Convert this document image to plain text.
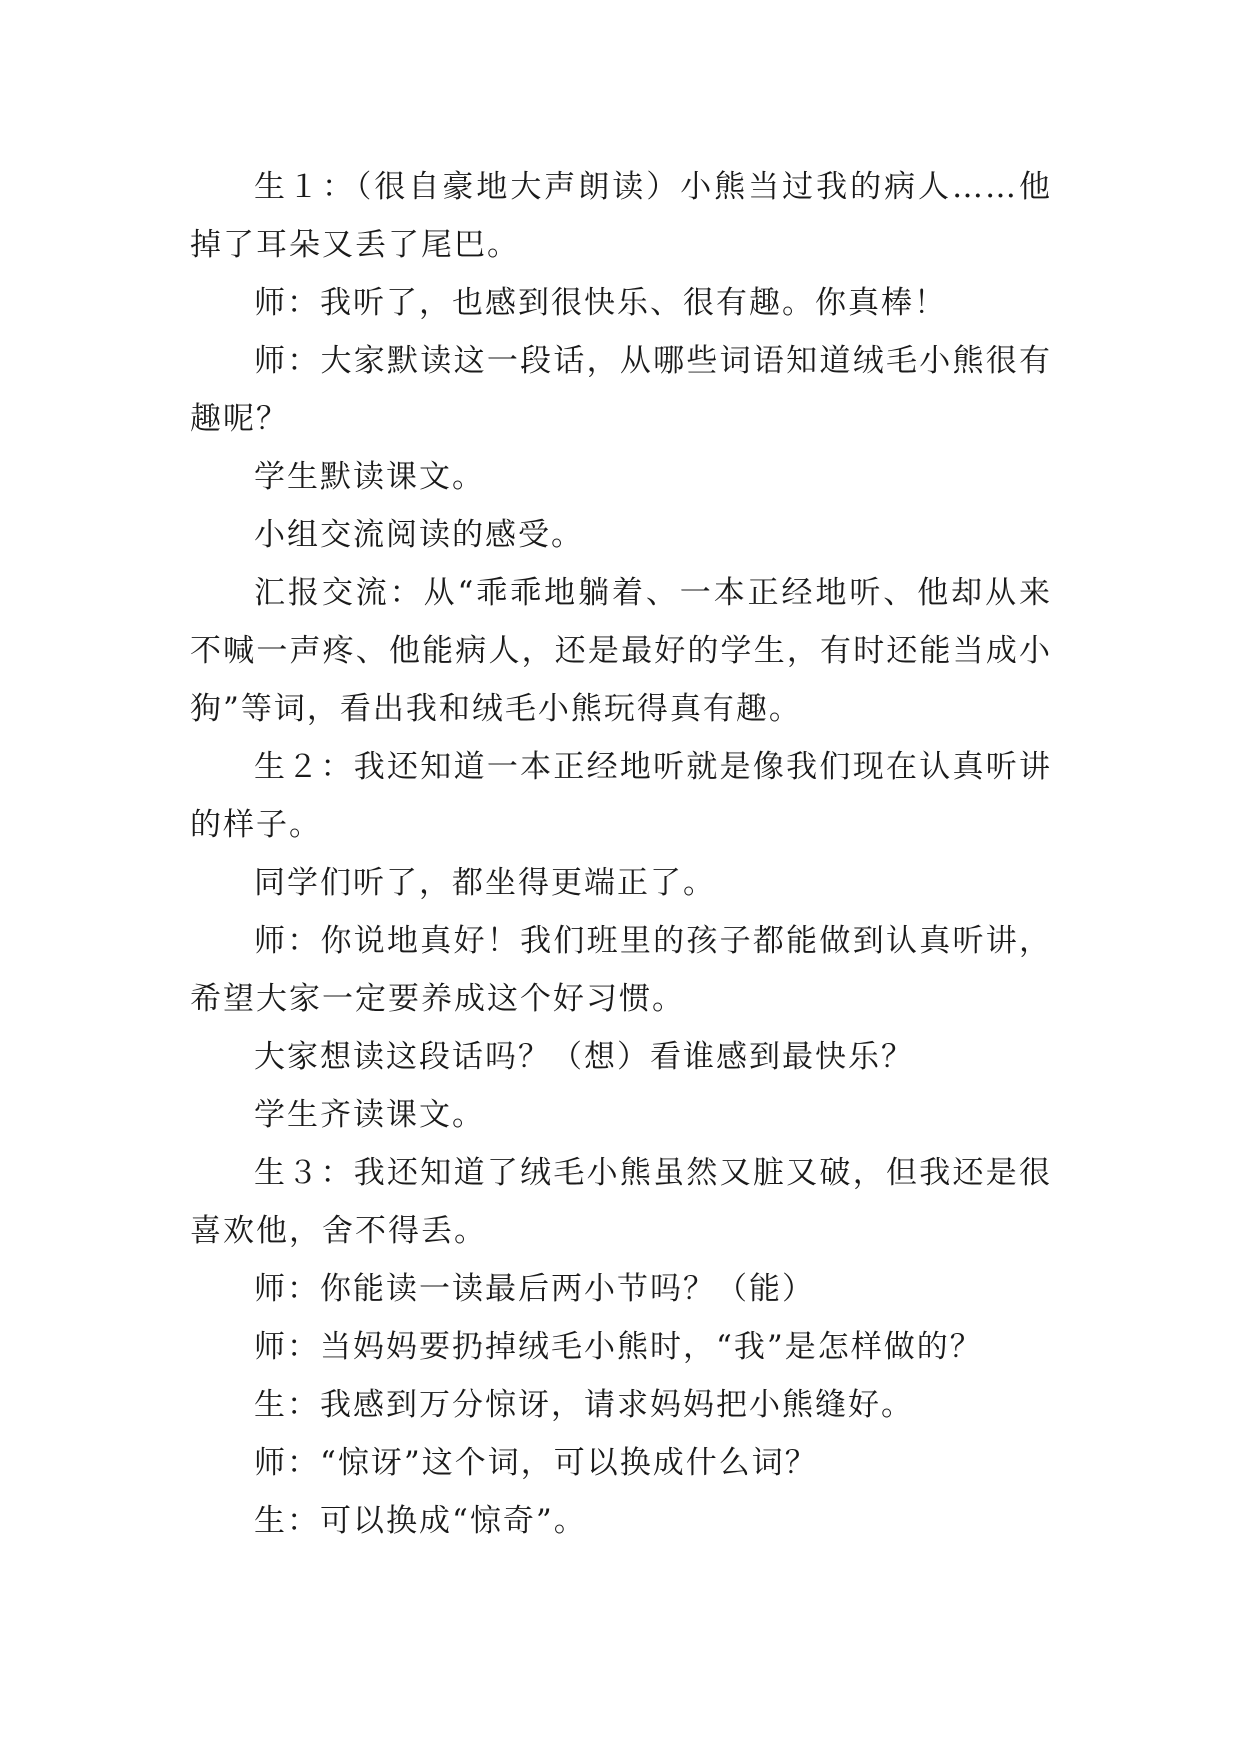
生１：（很自豪地大声朗读）小熊当过我的病人……他掉了耳朵又丢了尾巴。

师：我听了，也感到很快乐、很有趣。你真棒！

师：大家默读这一段话，从哪些词语知道绒毛小熊很有趣呢？

学生默读课文。

小组交流阅读的感受。

汇报交流：从“乖乖地躺着、一本正经地听、他却从来不喊一声疼、他能病人，还是最好的学生，有时还能当成小狗”等词，看出我和绒毛小熊玩得真有趣。

生２：我还知道一本正经地听就是像我们现在认真听讲的样子。

同学们听了，都坐得更端正了。

师：你说地真好！我们班里的孩子都能做到认真听讲，希望大家一定要养成这个好习惯。

大家想读这段话吗？（想）看谁感到最快乐？

学生齐读课文。

生３：我还知道了绒毛小熊虽然又脏又破，但我还是很喜欢他，舍不得丢。

师：你能读一读最后两小节吗？（能）

师：当妈妈要扔掉绒毛小熊时，“我”是怎样做的？

生：我感到万分惊讶，请求妈妈把小熊缝好。

师：“惊讶”这个词，可以换成什么词？

生：可以换成“惊奇”。
